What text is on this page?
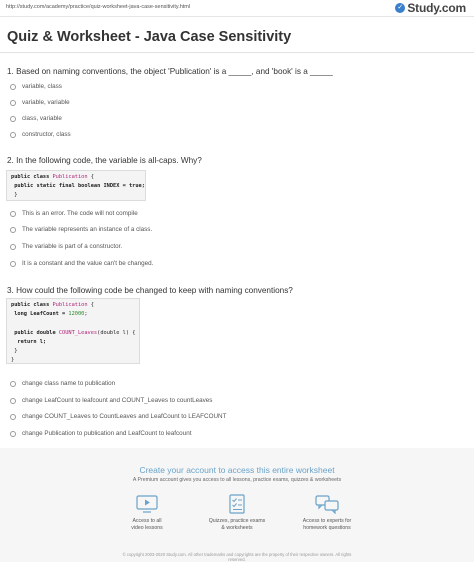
http://study.com/academy/practice/quiz-worksheet-java-case-sensitivity.html	✓ Study.com
Quiz & Worksheet - Java Case Sensitivity
1. Based on naming conventions, the object 'Publication' is a _____, and 'book' is a _____
variable, class
variable, variable
class, variable
constructor, class
2. In the following code, the variable is all-caps. Why?
public class Publication {
public static final boolean INDEX = true;
}
This is an error. The code will not compile
The variable represents an instance of a class.
The variable is part of a constructor.
It is a constant and the value can't be changed.
3. How could the following code be changed to keep with naming conventions?
public class Publication {
long LeafCount = 12000;

public double COUNT_Leaves(double l) {
return l;
}
}
change class name to publication
change LeafCount to leafcount and COUNT_Leaves to countLeaves
change COUNT_Leaves to CountLeaves and LeafCount to LEAFCOUNT
change Publication to publication and LeafCount to leafcount
Create your account to access this entire worksheet
A Premium account gives you access to all lessons, practice exams, quizzes & worksheets
Access to all
video lessons
Quizzes, practice exams
& worksheets
Access to experts for
homework questions
© copyright 2003-2020 Study.com. All other trademarks and copyrights are the property of their respective owners. All rights
reserved.
